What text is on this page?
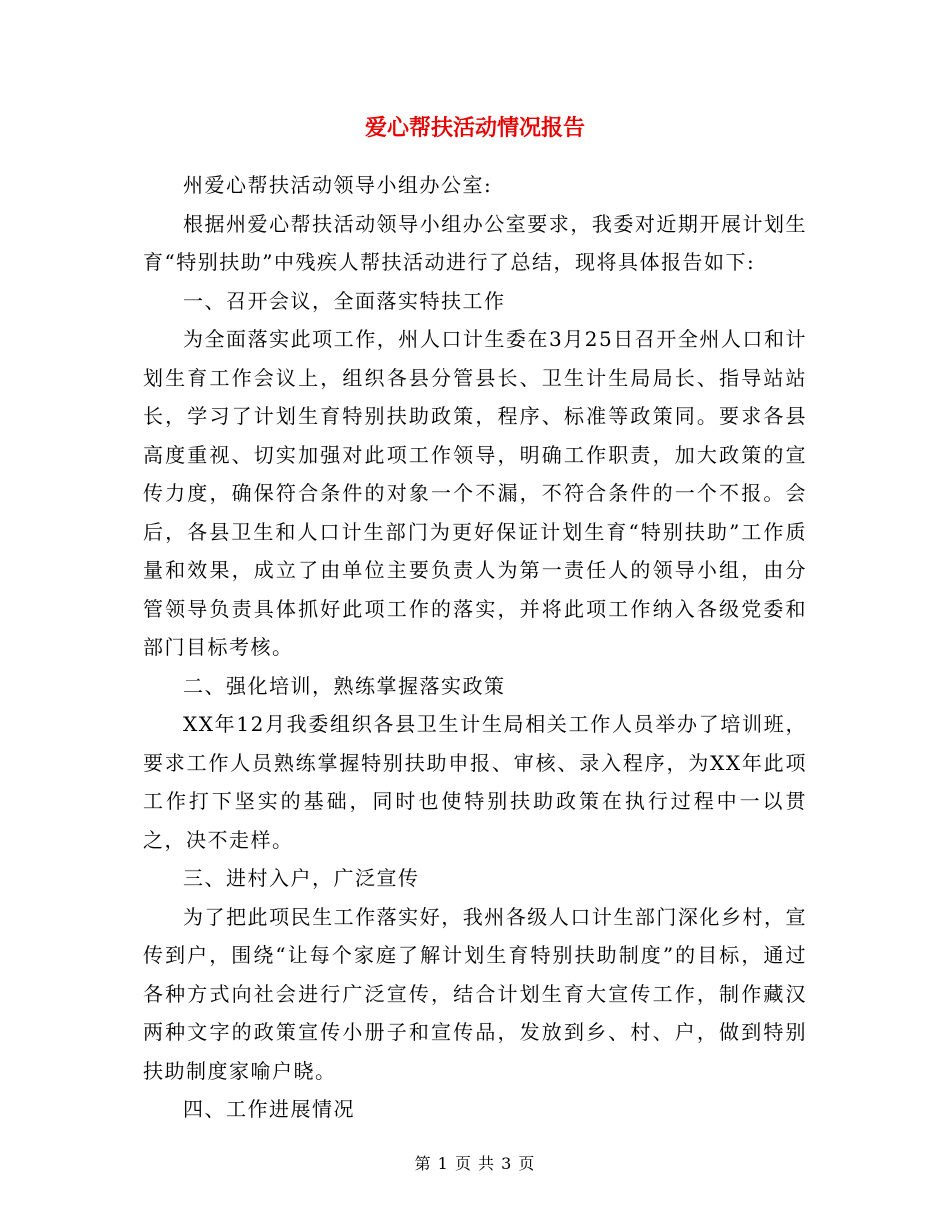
爱心帮扶活动情况报告

州爱心帮扶活动领导小组办公室:

根据州爱心帮扶活动领导小组办公室要求，我委对近期开展计划生育“特别扶助”中残疾人帮扶活动进行了总结，现将具体报告如下:

一、召开会议，全面落实特扶工作

为全面落实此项工作，州人口计生委在3月25日召开全州人口和计划生育工作会议上，组织各县分管县长、卫生计生局局长、指导站站长，学习了计划生育特别扶助政策，程序、标准等政策同。要求各县高度重视、切实加强对此项工作领导，明确工作职责，加大政策的宣传力度，确保符合条件的对象一个不漏，不符合条件的一个不报。会后，各县卫生和人口计生部门为更好保证计划生育“特别扶助”工作质量和效果，成立了由单位主要负责人为第一责任人的领导小组，由分管领导负责具体抓好此项工作的落实，并将此项工作纳入各级党委和部门目标考核。

二、强化培训，熟练掌握落实政策

XX年12月我委组织各县卫生计生局相关工作人员举办了培训班，要求工作人员熟练掌握特别扶助申报、审核、录入程序，为XX年此项工作打下坚实的基础，同时也使特别扶助政策在执行过程中一以贯之，决不走样。

三、进村入户，广泛宣传

为了把此项民生工作落实好，我州各级人口计生部门深化乡村，宣传到户，围绕“让每个家庭了解计划生育特别扶助制度”的目标，通过各种方式向社会进行广泛宣传，结合计划生育大宣传工作，制作藏汉两种文字的政策宣传小册子和宣传品，发放到乡、村、户，做到特别扶助制度家喻户晓。

四、工作进展情况

第 1 页 共 3 页
